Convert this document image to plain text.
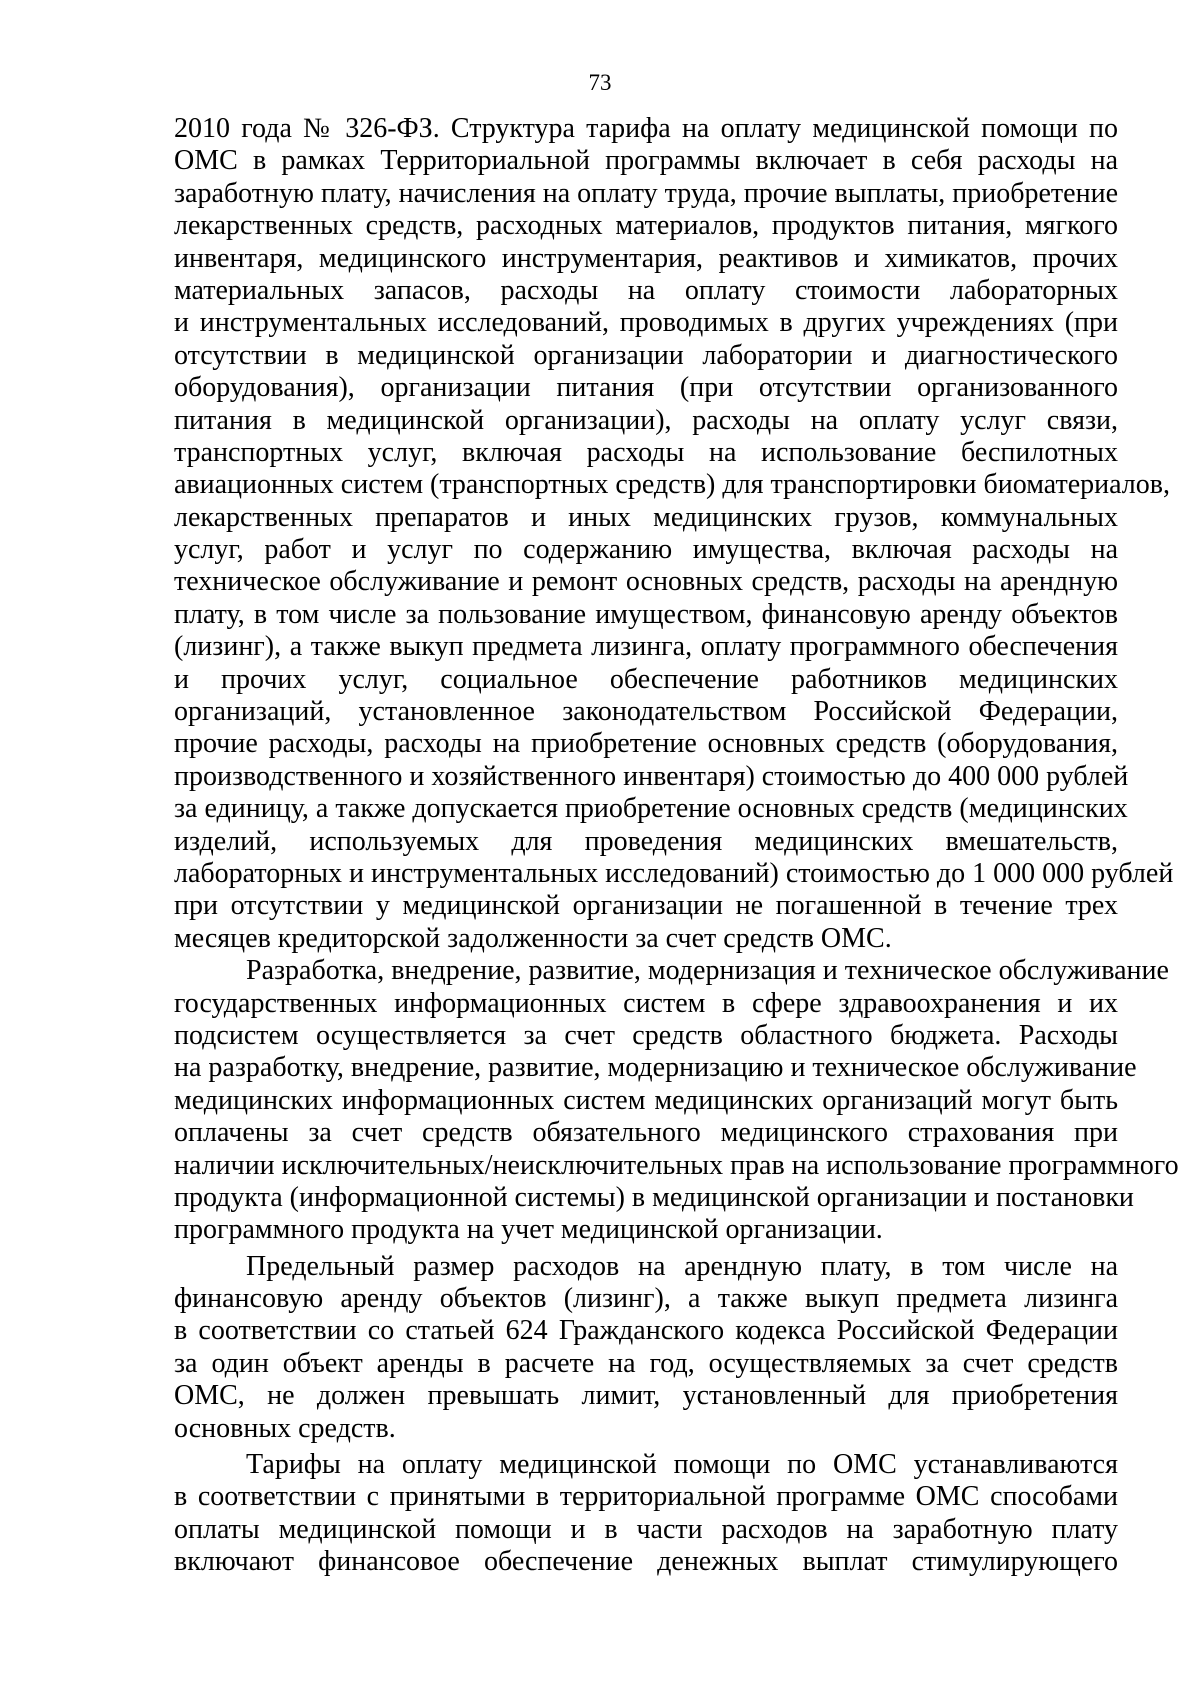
73
2010 года № 326-ФЗ. Структура тарифа на оплату медицинской помощи по
ОМС в рамках Территориальной программы включает в себя расходы на
заработную плату, начисления на оплату труда, прочие выплаты, приобретение
лекарственных средств, расходных материалов, продуктов питания, мягкого
инвентаря, медицинского инструментария, реактивов и химикатов, прочих
материальных запасов, расходы на оплату стоимости лабораторных
и инструментальных исследований, проводимых в других учреждениях (при
отсутствии в медицинской организации лаборатории и диагностического
оборудования), организации питания (при отсутствии организованного
питания в медицинской организации), расходы на оплату услуг связи,
транспортных услуг, включая расходы на использование беспилотных
авиационных систем (транспортных средств) для транспортировки биоматериалов,
лекарственных препаратов и иных медицинских грузов, коммунальных
услуг, работ и услуг по содержанию имущества, включая расходы на
техническое обслуживание и ремонт основных средств, расходы на арендную
плату, в том числе за пользование имуществом, финансовую аренду объектов
(лизинг), а также выкуп предмета лизинга, оплату программного обеспечения
и прочих услуг, социальное обеспечение работников медицинских
организаций, установленное законодательством Российской Федерации,
прочие расходы, расходы на приобретение основных средств (оборудования,
производственного и хозяйственного инвентаря) стоимостью до 400 000 рублей
за единицу, а также допускается приобретение основных средств (медицинских
изделий, используемых для проведения медицинских вмешательств,
лабораторных и инструментальных исследований) стоимостью до 1 000 000 рублей
при отсутствии у медицинской организации не погашенной в течение трех
месяцев кредиторской задолженности за счет средств ОМС.
Разработка, внедрение, развитие, модернизация и техническое обслуживание
государственных информационных систем в сфере здравоохранения и их
подсистем осуществляется за счет средств областного бюджета. Расходы
на разработку, внедрение, развитие, модернизацию и техническое обслуживание
медицинских информационных систем медицинских организаций могут быть
оплачены за счет средств обязательного медицинского страхования при
наличии исключительных/неисключительных прав на использование программного
продукта (информационной системы) в медицинской организации и постановки
программного продукта на учет медицинской организации.
Предельный размер расходов на арендную плату, в том числе на
финансовую аренду объектов (лизинг), а также выкуп предмета лизинга
в соответствии со статьей 624 Гражданского кодекса Российской Федерации
за один объект аренды в расчете на год, осуществляемых за счет средств
ОМС, не должен превышать лимит, установленный для приобретения
основных средств.
Тарифы на оплату медицинской помощи по ОМС устанавливаются
в соответствии с принятыми в территориальной программе ОМС способами
оплаты медицинской помощи и в части расходов на заработную плату
включают финансовое обеспечение денежных выплат стимулирующего
